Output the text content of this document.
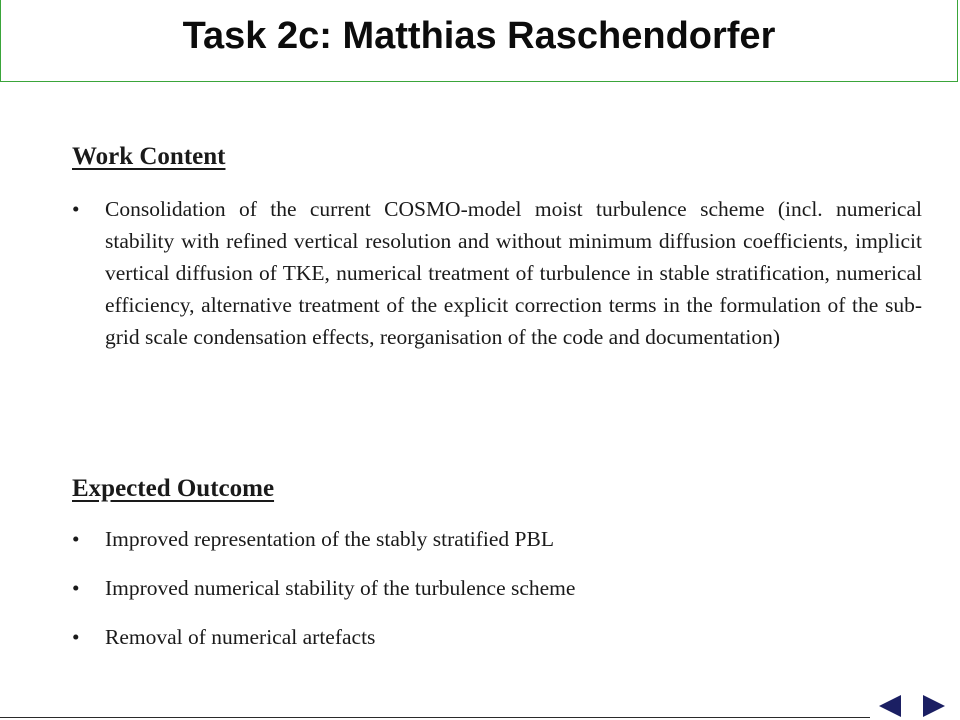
Task 2c: Matthias Raschendorfer
Work Content
•	Consolidation of the current COSMO-model moist turbulence scheme (incl. numerical stability with refined vertical resolution and without minimum diffusion coefficients, implicit vertical diffusion of TKE, numerical treatment of turbulence in stable stratification, numerical efficiency, alternative treatment of the explicit correction terms in the formulation of the sub-grid scale condensation effects, reorganisation of the code and documentation)
Expected Outcome
•	Improved representation of the stably stratified PBL
•	Improved numerical stability of the turbulence scheme
•	Removal of numerical artefacts
